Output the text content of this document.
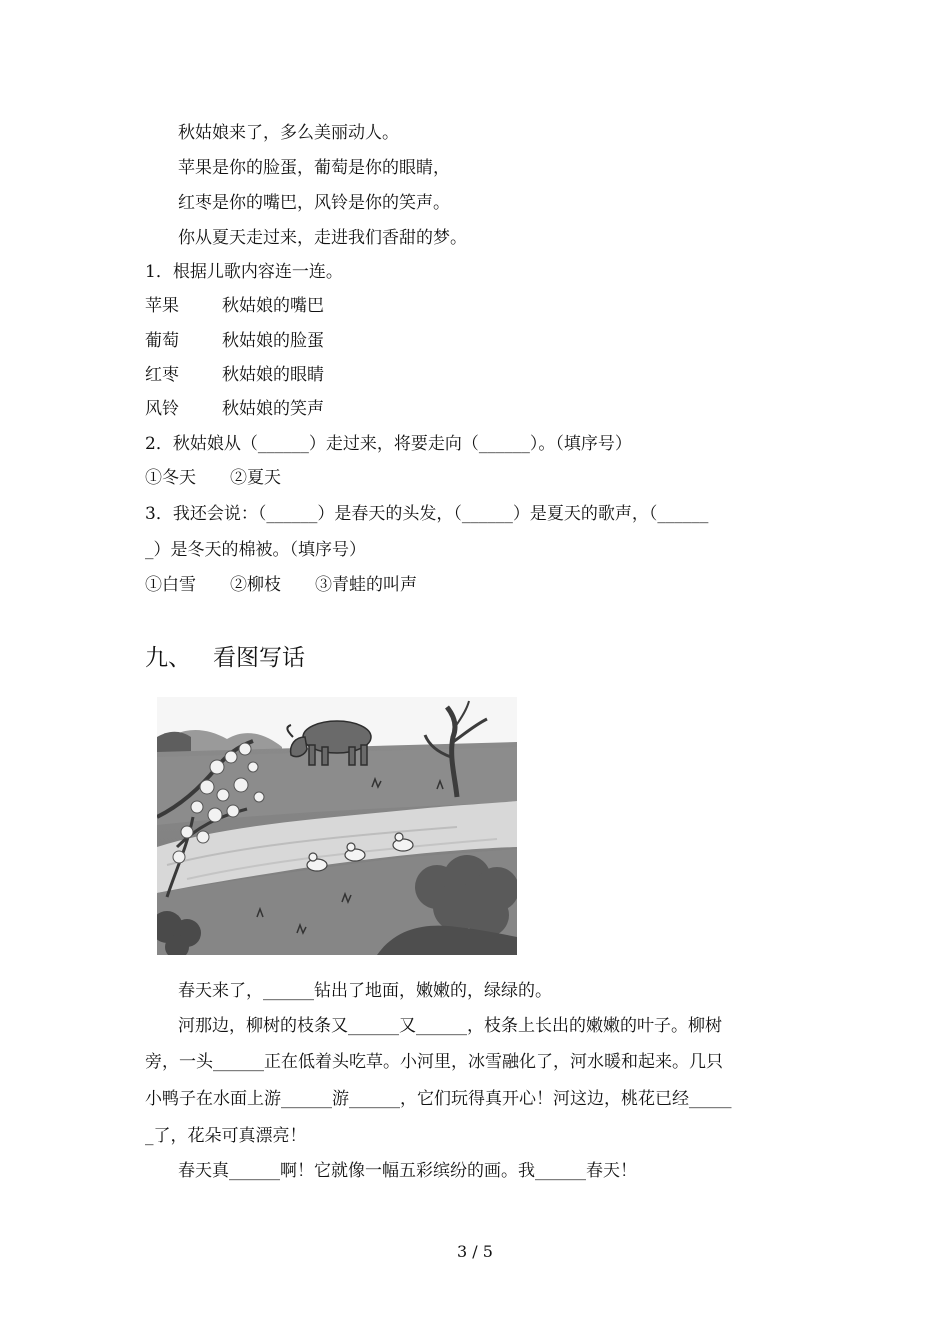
秋姑娘来了，多么美丽动人。
苹果是你的脸蛋，葡萄是你的眼睛，
红枣是你的嘴巴，风铃是你的笑声。
你从夏天走过来，走进我们香甜的梦。
1．根据儿歌内容连一连。
苹果	秋姑娘的嘴巴
葡萄	秋姑娘的脸蛋
红枣	秋姑娘的眼睛
风铃	秋姑娘的笑声
2．秋姑娘从（______）走过来，将要走向（______）。（填序号）
①冬天　　②夏天
3．我还会说：（______）是春天的头发，（______）是夏天的歌声，（______
_）是冬天的棉被。（填序号）
①白雪　　②柳枝　　③青蛙的叫声
九、 看图写话
春天来了，______钻出了地面，嫩嫩的，绿绿的。
河那边，柳树的枝条又______又______，枝条上长出的嫩嫩的叶子。柳树
旁，一头______正在低着头吃草。小河里，冰雪融化了，河水暖和起来。几只
小鸭子在水面上游______游______，它们玩得真开心！河这边，桃花已经_____
_了，花朵可真漂亮！
春天真______啊！它就像一幅五彩缤纷的画。我______春天！
3 / 5
